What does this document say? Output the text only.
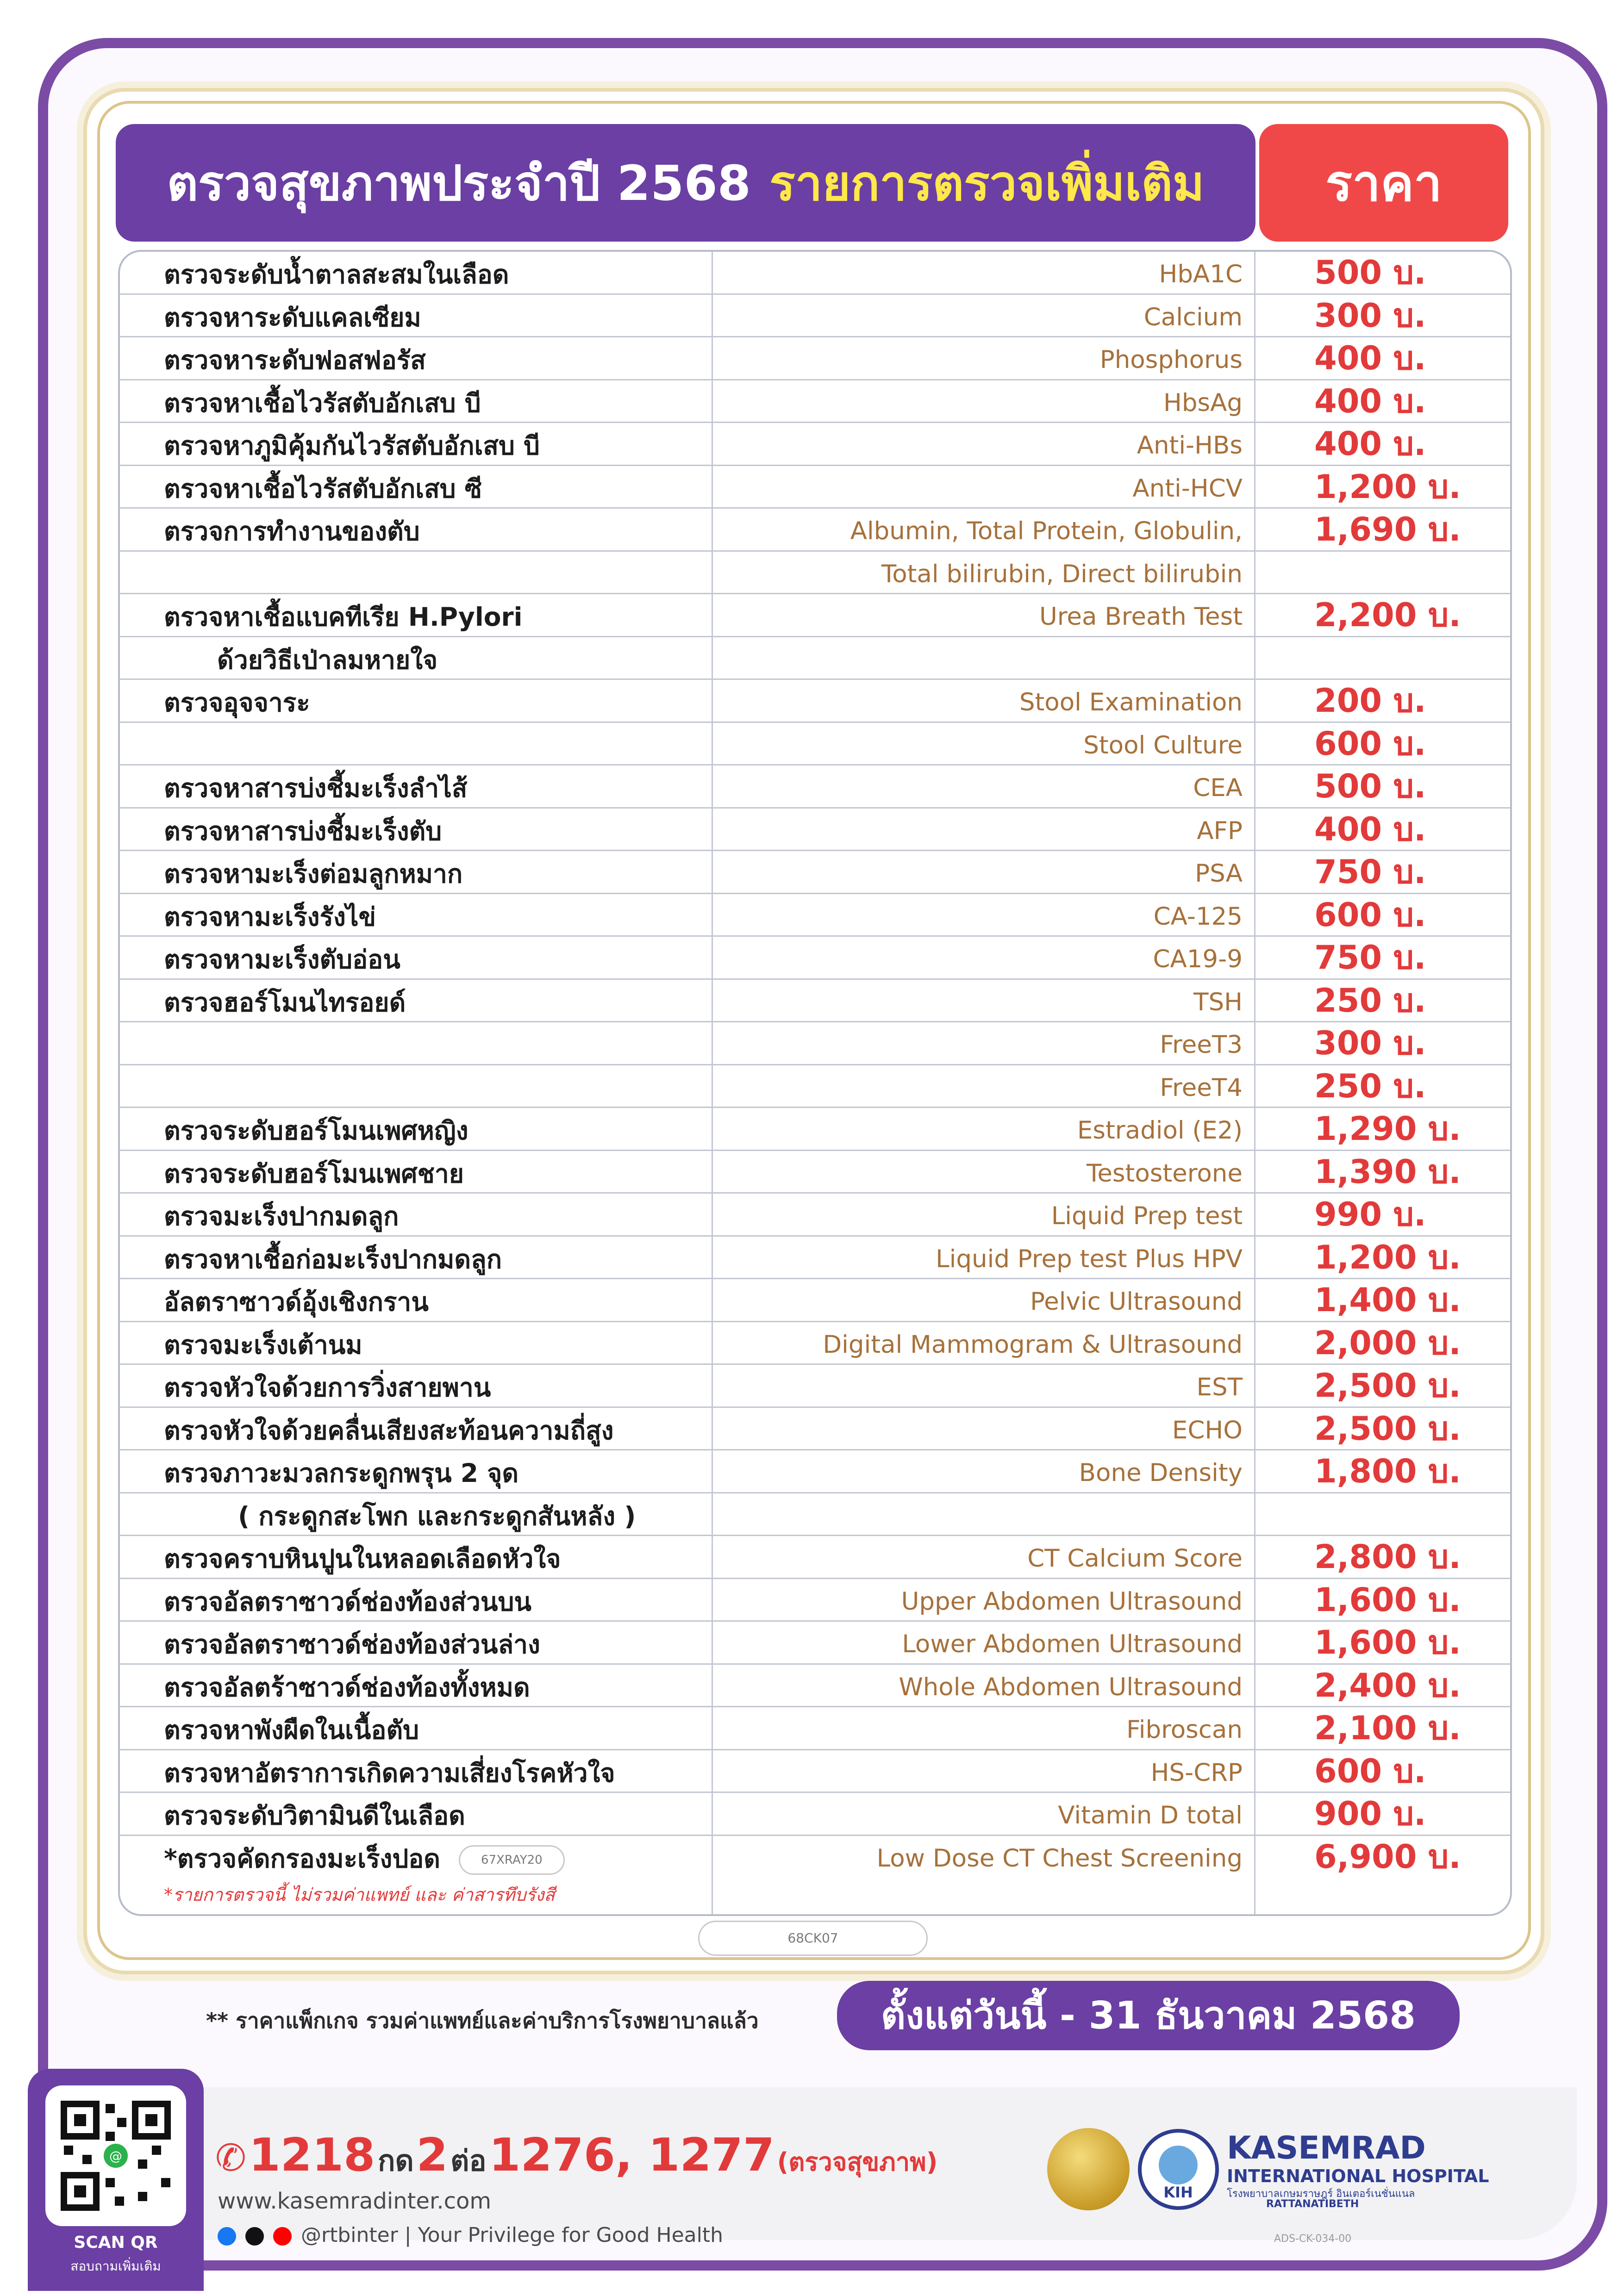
ตรวจสุขภาพประจำปี 2568 รายการตรวจเพิ่มเติม	ราคา
ตรวจระดับน้ำตาลสะสมในเลือด	HbA1C 500 บ.
ตรวจหาระดับแคลเซียม	Calcium 300 บ.
ตรวจหาระดับฟอสฟอรัส	Phosphorus 400 บ.
ตรวจหาเชื้อไวรัสตับอักเสบ บี	HbsAg 400 บ.
ตรวจหาภูมิคุ้มกันไวรัสตับอักเสบ บี	Anti-HBs 400 บ.
ตรวจหาเชื้อไวรัสตับอักเสบ ซี	Anti-HCV 1,200 บ.
ตรวจการทำงานของตับ	Albumin, Total Protein, Globulin, 1,690 บ.
Total bilirubin, Direct bilirubin
ตรวจหาเชื้อแบคทีเรีย H.Pylori	Urea Breath Test 2,200 บ.
ด้วยวิธีเป่าลมหายใจ
ตรวจอุจจาระ	Stool Examination 200 บ.
Stool Culture 600 บ.
ตรวจหาสารบ่งชี้มะเร็งลำไส้	CEA 500 บ.
ตรวจหาสารบ่งชี้มะเร็งตับ	AFP 400 บ.
ตรวจหามะเร็งต่อมลูกหมาก	PSA 750 บ.
ตรวจหามะเร็งรังไข่	CA-125 600 บ.
ตรวจหามะเร็งตับอ่อน	CA19-9 750 บ.
ตรวจฮอร์โมนไทรอยด์	TSH 250 บ.
FreeT3 300 บ.
FreeT4 250 บ.
ตรวจระดับฮอร์โมนเพศหญิง	Estradiol (E2) 1,290 บ.
ตรวจระดับฮอร์โมนเพศชาย	Testosterone 1,390 บ.
ตรวจมะเร็งปากมดลูก	Liquid Prep test 990 บ.
ตรวจหาเชื้อก่อมะเร็งปากมดลูก	Liquid Prep test Plus HPV 1,200 บ.
อัลตราซาวด์อุ้งเชิงกราน	Pelvic Ultrasound 1,400 บ.
ตรวจมะเร็งเต้านม	Digital Mammogram & Ultrasound 2,000 บ.
ตรวจหัวใจด้วยการวิ่งสายพาน	EST 2,500 บ.
ตรวจหัวใจด้วยคลื่นเสียงสะท้อนความถี่สูง	ECHO 2,500 บ.
ตรวจภาวะมวลกระดูกพรุน 2 จุด	Bone Density 1,800 บ.
( กระดูกสะโพก และกระดูกสันหลัง )
ตรวจคราบหินปูนในหลอดเลือดหัวใจ	CT Calcium Score 2,800 บ.
ตรวจอัลตราซาวด์ช่องท้องส่วนบน	Upper Abdomen Ultrasound 1,600 บ.
ตรวจอัลตราซาวด์ช่องท้องส่วนล่าง	Lower Abdomen Ultrasound 1,600 บ.
ตรวจอัลตร้าซาวด์ช่องท้องทั้งหมด	Whole Abdomen Ultrasound 2,400 บ.
ตรวจหาพังผืดในเนื้อตับ	Fibroscan 2,100 บ.
ตรวจหาอัตราการเกิดความเสี่ยงโรคหัวใจ	HS-CRP 600 บ.
ตรวจระดับวิตามินดีในเลือด	Vitamin D total 900 บ.
*ตรวจคัดกรองมะเร็งปอด	67XRAY20	Low Dose CT Chest Screening 6,900 บ.
*รายการตรวจนี้ ไม่รวมค่าแพทย์ และ ค่าสารทึบรังสี
68CK07
** ราคาแพ็กเกจ รวมค่าแพทย์และค่าบริการโรงพยาบาลแล้ว	ตั้งแต่วันนี้ - 31 ธันวาคม 2568
@
SCAN QR
สอบถามเพิ่มเติม
✆ 1218 กด 2 ต่อ 1276, 1277 (ตรวจสุขภาพ)
www.kasemradinter.com
@rtbinter | Your Privilege for Good Health
KIH
KASEMRAD
INTERNATIONAL HOSPITAL
โรงพยาบาลเกษมราษฎร์ อินเตอร์เนชั่นแนล
RATTANATIBETH
ADS-CK-034-00
